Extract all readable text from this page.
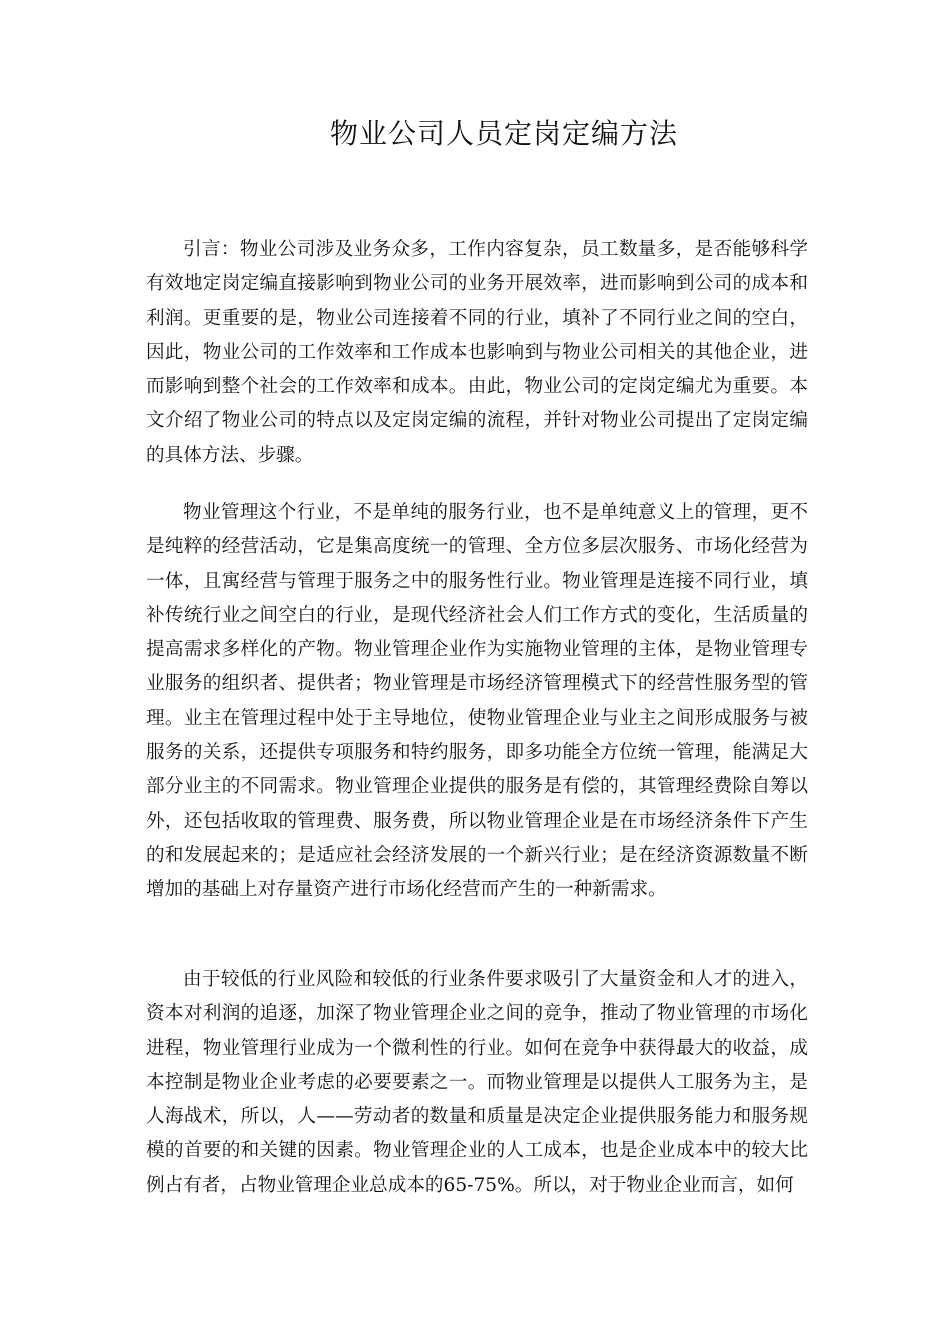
物业公司人员定岗定编方法

引言：物业公司涉及业务众多，工作内容复杂，员工数量多，是否能够科学有效地定岗定编直接影响到物业公司的业务开展效率，进而影响到公司的成本和利润。更重要的是，物业公司连接着不同的行业，填补了不同行业之间的空白，因此，物业公司的工作效率和工作成本也影响到与物业公司相关的其他企业，进而影响到整个社会的工作效率和成本。由此，物业公司的定岗定编尤为重要。本文介绍了物业公司的特点以及定岗定编的流程，并针对物业公司提出了定岗定编的具体方法、步骤。

物业管理这个行业，不是单纯的服务行业，也不是单纯意义上的管理，更不是纯粹的经营活动，它是集高度统一的管理、全方位多层次服务、市场化经营为一体，且寓经营与管理于服务之中的服务性行业。物业管理是连接不同行业，填补传统行业之间空白的行业，是现代经济社会人们工作方式的变化，生活质量的提高需求多样化的产物。物业管理企业作为实施物业管理的主体，是物业管理专业服务的组织者、提供者；物业管理是市场经济管理模式下的经营性服务型的管理。业主在管理过程中处于主导地位，使物业管理企业与业主之间形成服务与被服务的关系，还提供专项服务和特约服务，即多功能全方位统一管理，能满足大部分业主的不同需求。物业管理企业提供的服务是有偿的，其管理经费除自筹以外，还包括收取的管理费、服务费，所以物业管理企业是在市场经济条件下产生的和发展起来的；是适应社会经济发展的一个新兴行业；是在经济资源数量不断增加的基础上对存量资产进行市场化经营而产生的一种新需求。

由于较低的行业风险和较低的行业条件要求吸引了大量资金和人才的进入，资本对利润的追逐，加深了物业管理企业之间的竞争，推动了物业管理的市场化进程，物业管理行业成为一个微利性的行业。如何在竞争中获得最大的收益，成本控制是物业企业考虑的必要要素之一。而物业管理是以提供人工服务为主，是人海战术，所以，人——劳动者的数量和质量是决定企业提供服务能力和服务规模的首要的和关键的因素。物业管理企业的人工成本，也是企业成本中的较大比例占有者，占物业管理企业总成本的65-75%。所以，对于物业企业而言，如何
